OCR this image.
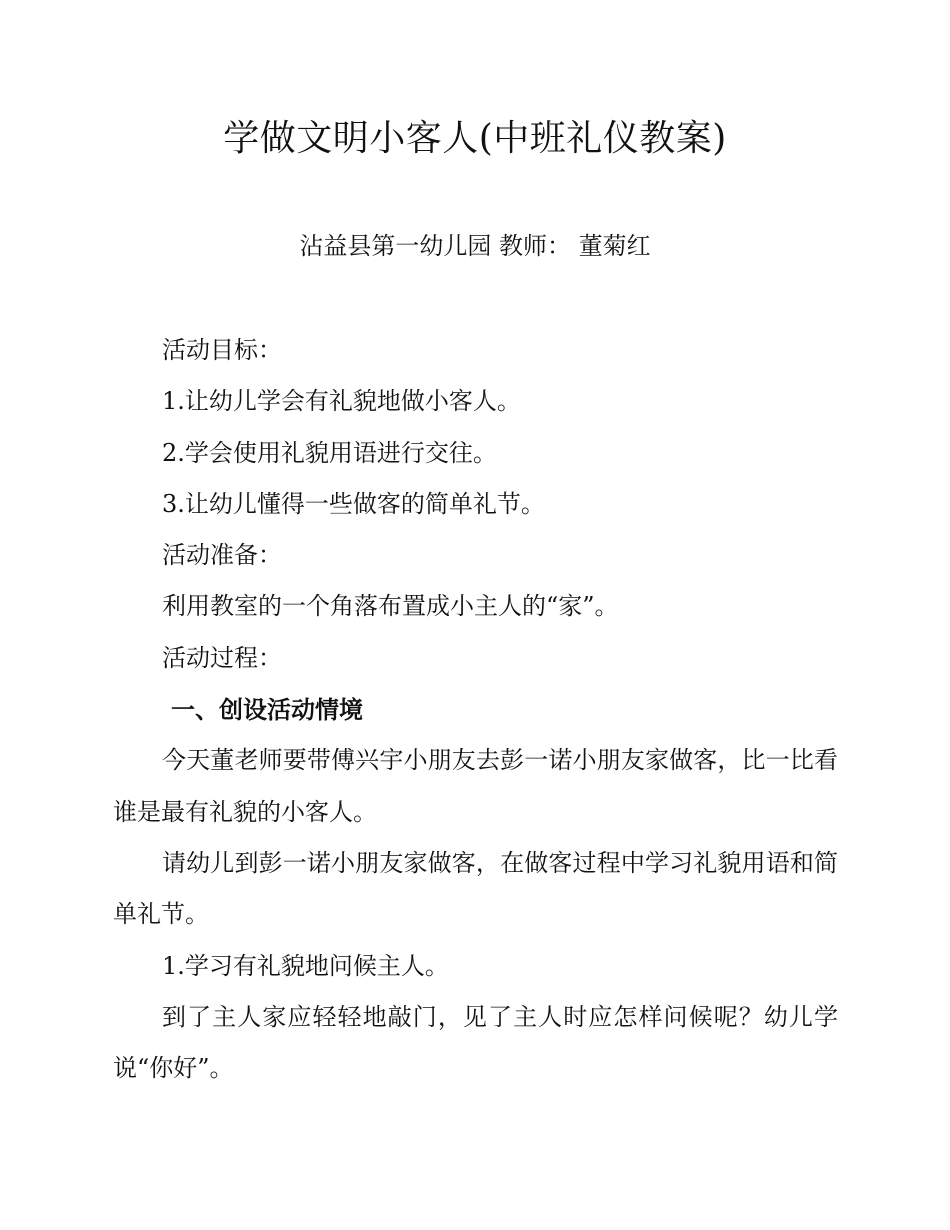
学做文明小客人(中班礼仪教案)
沾益县第一幼儿园 教师： 董菊红

活动目标：

1.让幼儿学会有礼貌地做小客人。

2.学会使用礼貌用语进行交往。

3.让幼儿懂得一些做客的简单礼节。

活动准备：

利用教室的一个角落布置成小主人的“家”。

活动过程：

一、创设活动情境

今天董老师要带傅兴宇小朋友去彭一诺小朋友家做客，比一比看谁是最有礼貌的小客人。

请幼儿到彭一诺小朋友家做客，在做客过程中学习礼貌用语和简单礼节。

1.学习有礼貌地问候主人。

到了主人家应轻轻地敲门，见了主人时应怎样问候呢？幼儿学说“你好”。
